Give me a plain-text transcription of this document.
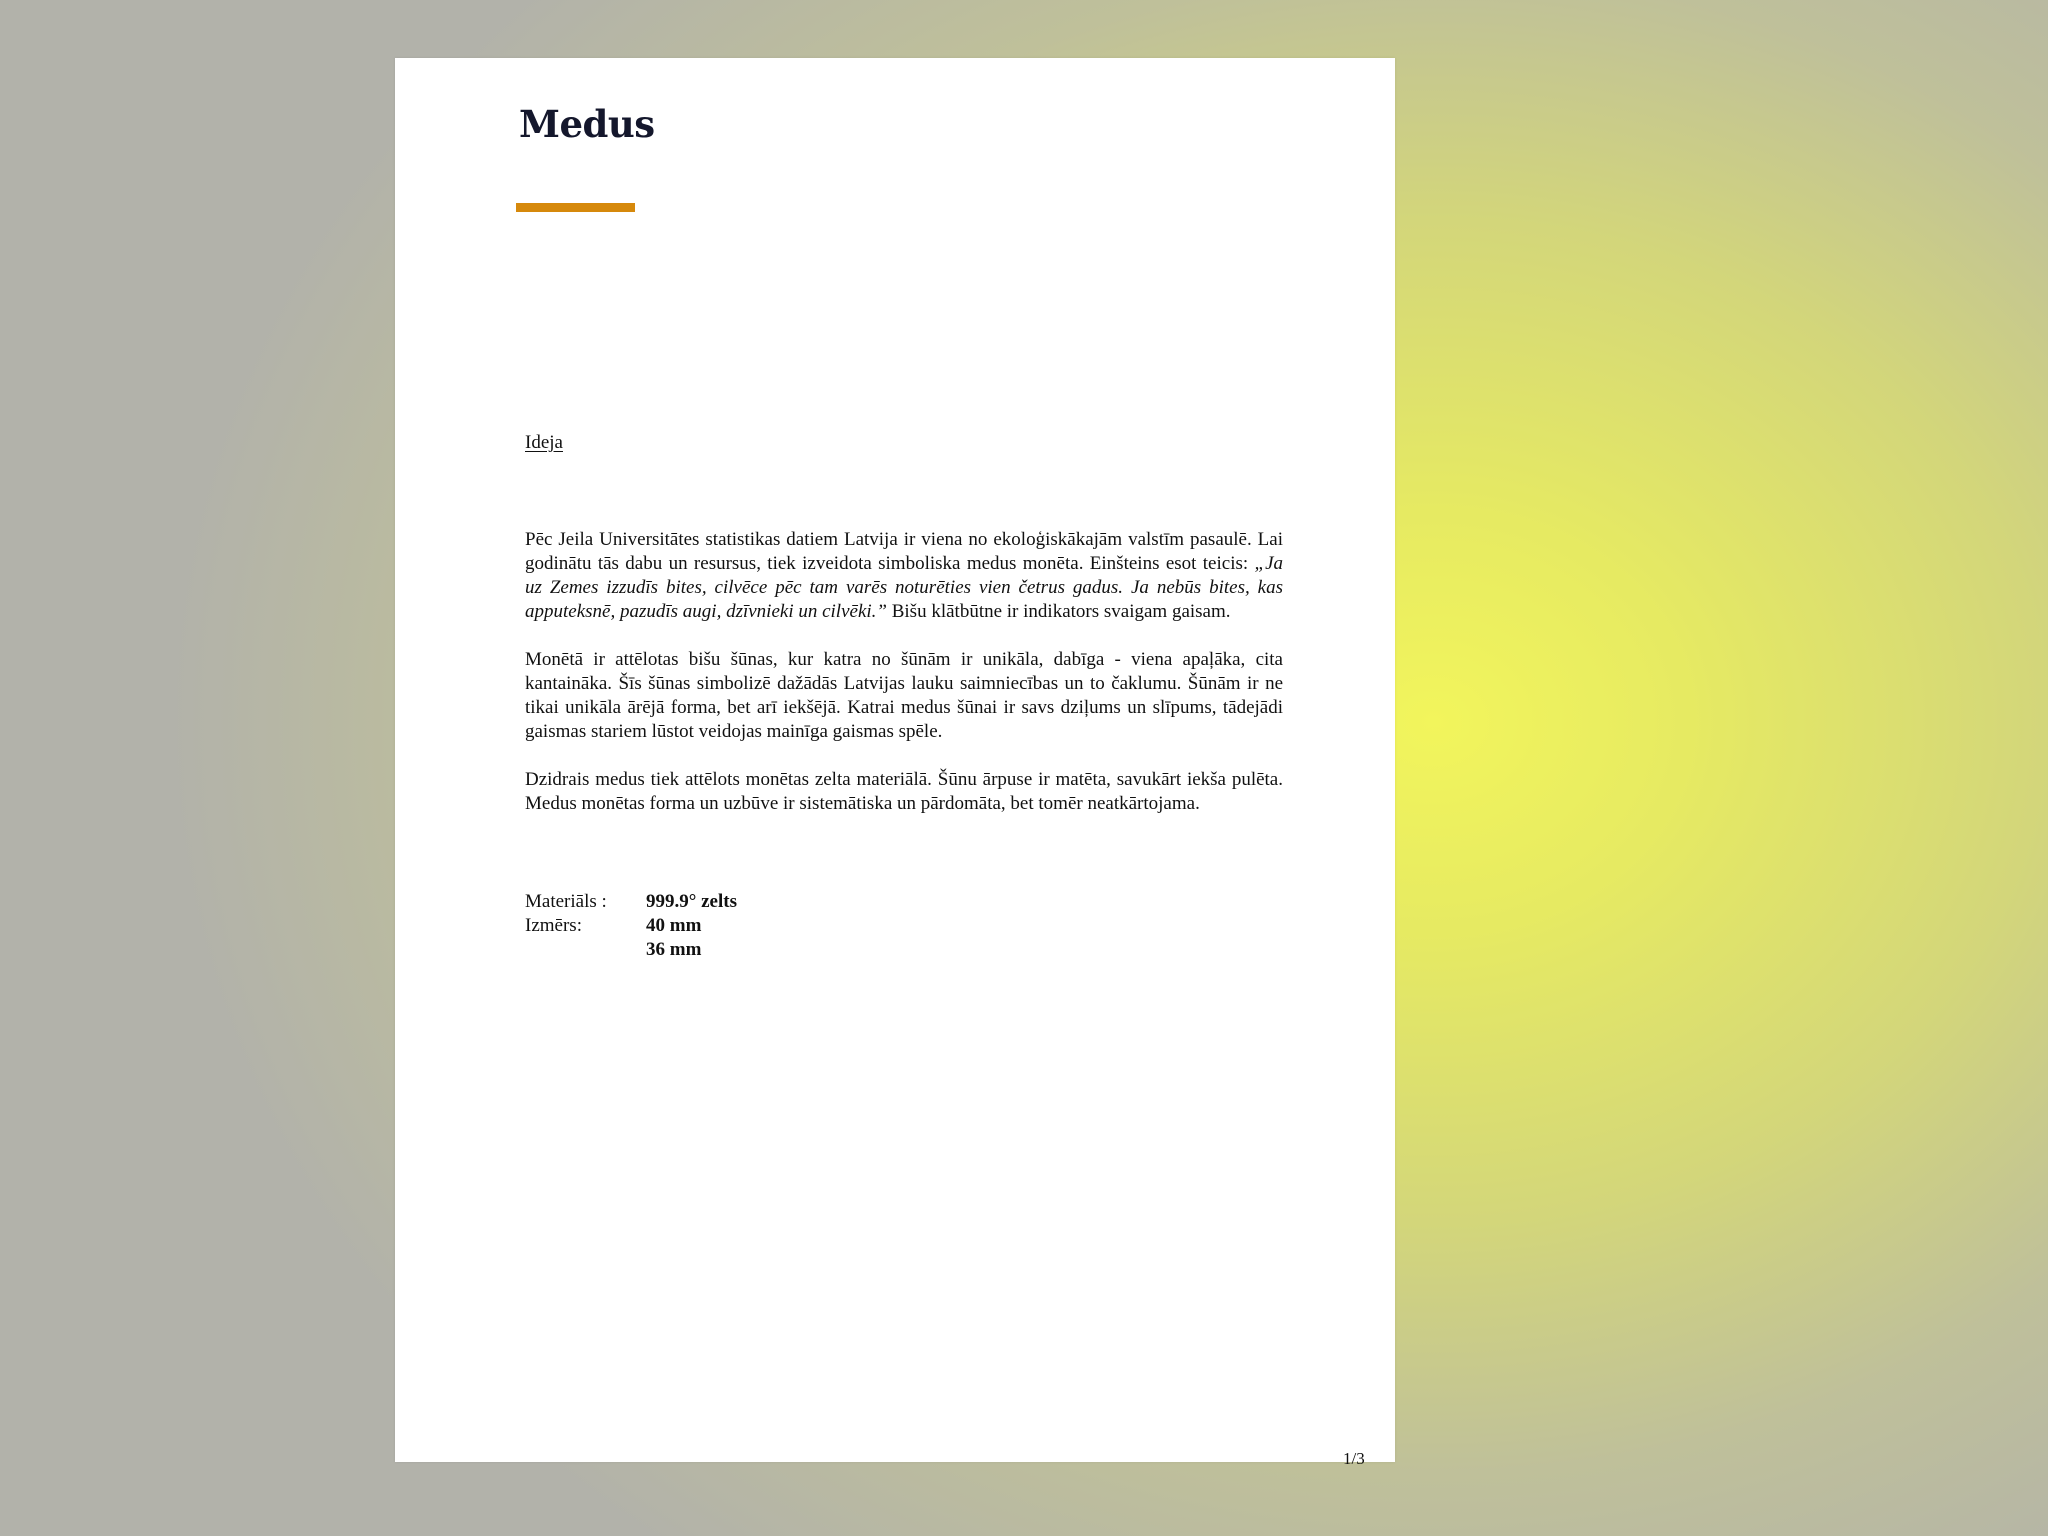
Medus
Ideja

Pēc Jeila Universitātes statistikas datiem Latvija ir viena no ekoloģiskākajām valstīm pasaulē. Lai godinātu tās dabu un resursus, tiek izveidota simboliska medus monēta. Einšteins esot teicis: „Ja uz Zemes izzudīs bites, cilvēce pēc tam varēs noturēties vien četrus gadus. Ja nebūs bites, kas apputeksnē, pazudīs augi, dzīvnieki un cilvēki.” Bišu klātbūtne ir indikators svaigam gaisam.

Monētā ir attēlotas bišu šūnas, kur katra no šūnām ir unikāla, dabīga - viena apaļāka, cita kantaināka. Šīs šūnas simbolizē dažādās Latvijas lauku saimniecības un to čaklumu. Šūnām ir ne tikai unikāla ārējā forma, bet arī iekšējā. Katrai medus šūnai ir savs dziļums un slīpums, tādejādi gaismas stariem lūstot veidojas mainīga gaismas spēle.

Dzidrais medus tiek attēlots monētas zelta materiālā. Šūnu ārpuse ir matēta, savukārt iekša pulēta. Medus monētas forma un uzbūve ir sistemātiska un pārdomāta, bet tomēr neatkārtojama.

Materiāls :	999.9° zelts
Izmērs:	40 mm
36 mm
1/3
